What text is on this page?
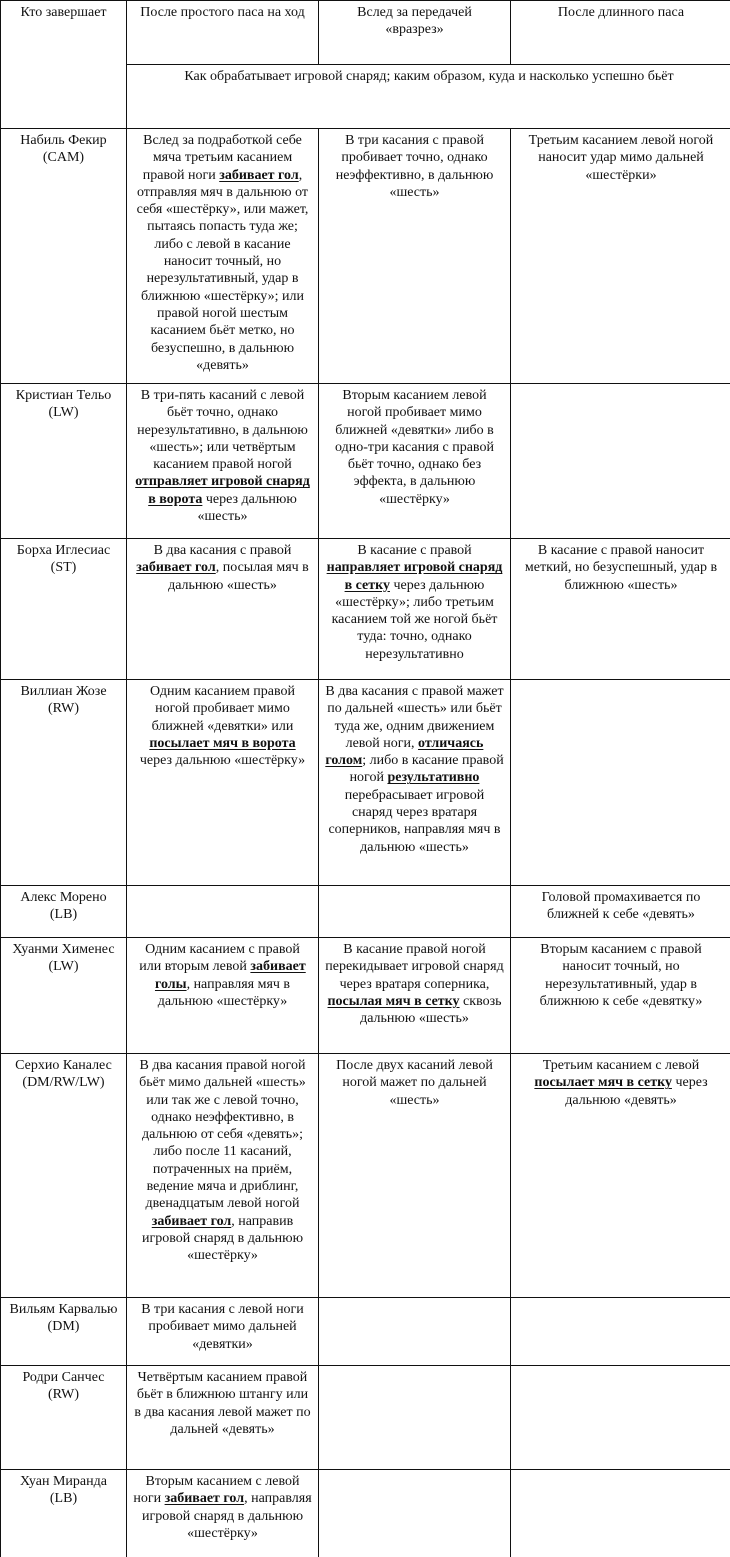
Кто завершает	После простого паса на ход	Вслед за передачей «вразрез»	После длинного паса
	Как обрабатывает игровой снаряд; каким образом, куда и насколько успешно бьёт		
Набиль Фекир (CAM)	Вслед за подработкой себе мяча третьим касанием правой ноги забивает гол, отправляя мяч в дальнюю от себя «шестёрку», или мажет, пытаясь попасть туда же; либо с левой в касание наносит точный, но нерезультативный, удар в ближнюю «шестёрку»; или правой ногой шестым касанием бьёт метко, но безуспешно, в дальнюю «девять»	В три касания с правой пробивает точно, однако неэффективно, в дальнюю «шесть»	Третьим касанием левой ногой наносит удар мимо дальней «шестёрки»
Кристиан Тельо (LW)	В три-пять касаний с левой бьёт точно, однако нерезультативно, в дальнюю «шесть»; или четвёртым касанием правой ногой отправляет игровой снаряд в ворота через дальнюю «шесть»	Вторым касанием левой ногой пробивает мимо ближней «девятки» либо в одно-три касания с правой бьёт точно, однако без эффекта, в дальнюю «шестёрку»	
Борха Иглесиас (ST)	В два касания с правой забивает гол, посылая мяч в дальнюю «шесть»	В касание с правой направляет игровой снаряд в сетку через дальнюю «шестёрку»; либо третьим касанием той же ногой бьёт туда: точно, однако нерезультативно	В касание с правой наносит меткий, но безуспешный, удар в ближнюю «шесть»
Виллиан Жозе (RW)	Одним касанием правой ногой пробивает мимо ближней «девятки» или посылает мяч в ворота через дальнюю «шестёрку»	В два касания с правой мажет по дальней «шесть» или бьёт туда же, одним движением левой ноги, отличаясь голом; либо в касание правой ногой результативно перебрасывает игровой снаряд через вратаря соперников, направляя мяч в дальнюю «шесть»	
Алекс Морено (LB)			Головой промахивается по ближней к себе «девять»
Хуанми Хименес (LW)	Одним касанием с правой или вторым левой забивает голы, направляя мяч в дальнюю «шестёрку»	В касание правой ногой перекидывает игровой снаряд через вратаря соперника, посылая мяч в сетку сквозь дальнюю «шесть»	Вторым касанием с правой наносит точный, но нерезультативный, удар в ближнюю к себе «девятку»
Серхио Каналес (DM/RW/LW)	В два касания правой ногой бьёт мимо дальней «шесть» или так же с левой точно, однако неэффективно, в дальнюю от себя «девять»; либо после 11 касаний, потраченных на приём, ведение мяча и дриблинг, двенадцатым левой ногой забивает гол, направив игровой снаряд в дальнюю «шестёрку»	После двух касаний левой ногой мажет по дальней «шесть»	Третьим касанием с левой посылает мяч в сетку через дальнюю «девять»
Вильям Карвалью (DM)	В три касания с левой ноги пробивает мимо дальней «девятки»		
Родри Санчес (RW)	Четвёртым касанием правой бьёт в ближнюю штангу или в два касания левой мажет по дальней «девять»		
Хуан Миранда (LB)	Вторым касанием с левой ноги забивает гол, направляя игровой снаряд в дальнюю «шестёрку»		
